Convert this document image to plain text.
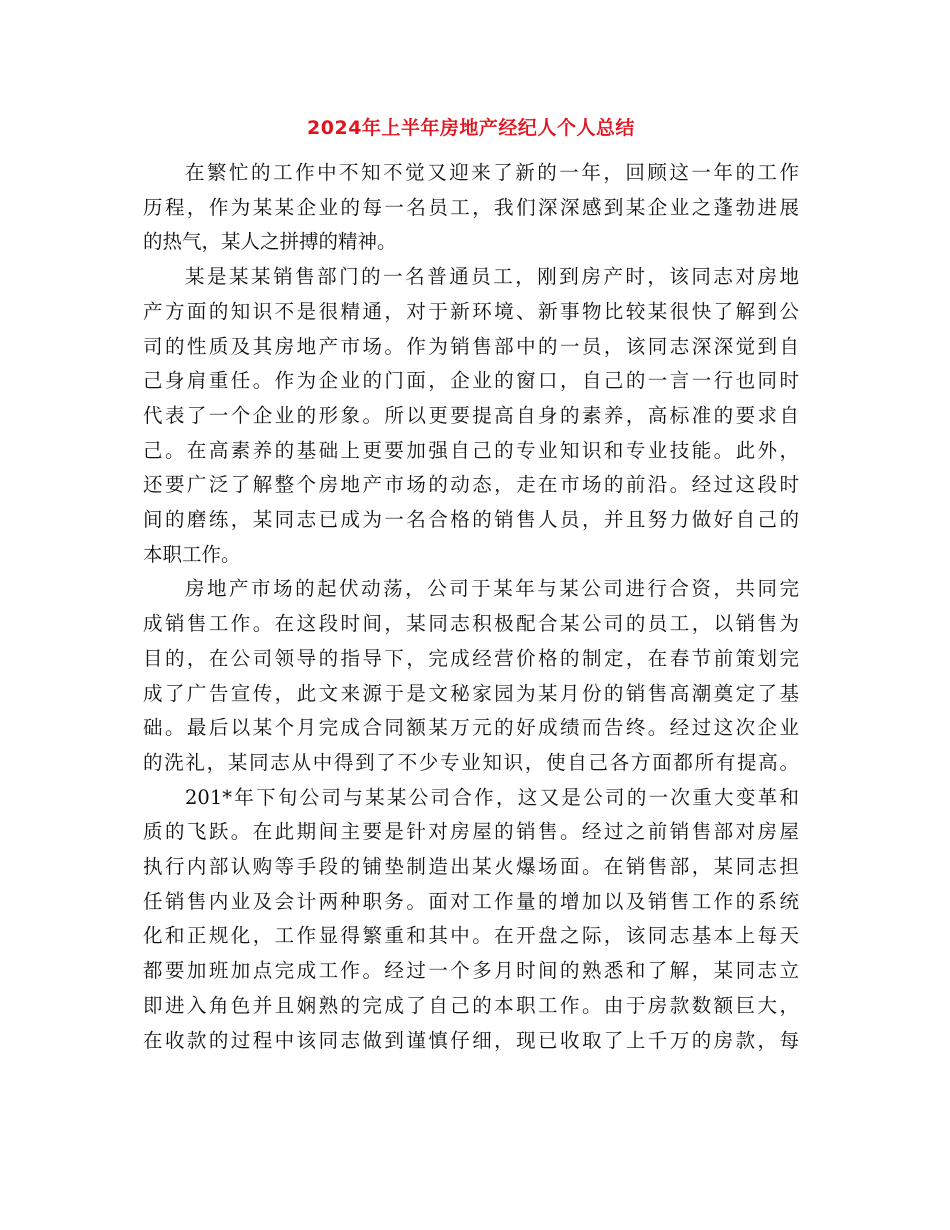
2024年上半年房地产经纪人个人总结
在繁忙的工作中不知不觉又迎来了新的一年，回顾这一年的工作
历程，作为某某企业的每一名员工，我们深深感到某企业之蓬勃进展
的热气，某人之拼搏的精神。
某是某某销售部门的一名普通员工，刚到房产时，该同志对房地
产方面的知识不是很精通，对于新环境、新事物比较某很快了解到公
司的性质及其房地产市场。作为销售部中的一员，该同志深深觉到自
己身肩重任。作为企业的门面，企业的窗口，自己的一言一行也同时
代表了一个企业的形象。所以更要提高自身的素养，高标准的要求自
己。在高素养的基础上更要加强自己的专业知识和专业技能。此外，
还要广泛了解整个房地产市场的动态，走在市场的前沿。经过这段时
间的磨练，某同志已成为一名合格的销售人员，并且努力做好自己的
本职工作。
房地产市场的起伏动荡，公司于某年与某公司进行合资，共同完
成销售工作。在这段时间，某同志积极配合某公司的员工，以销售为
目的，在公司领导的指导下，完成经营价格的制定，在春节前策划完
成了广告宣传，此文来源于是文秘家园为某月份的销售高潮奠定了基
础。最后以某个月完成合同额某万元的好成绩而告终。经过这次企业
的洗礼，某同志从中得到了不少专业知识，使自己各方面都所有提高。
201*年下旬公司与某某公司合作，这又是公司的一次重大变革和
质的飞跃。在此期间主要是针对房屋的销售。经过之前销售部对房屋
执行内部认购等手段的铺垫制造出某火爆场面。在销售部，某同志担
任销售内业及会计两种职务。面对工作量的增加以及销售工作的系统
化和正规化，工作显得繁重和其中。在开盘之际，该同志基本上每天
都要加班加点完成工作。经过一个多月时间的熟悉和了解，某同志立
即进入角色并且娴熟的完成了自己的本职工作。由于房款数额巨大，
在收款的过程中该同志做到谨慎仔细，现已收取了上千万的房款，每
